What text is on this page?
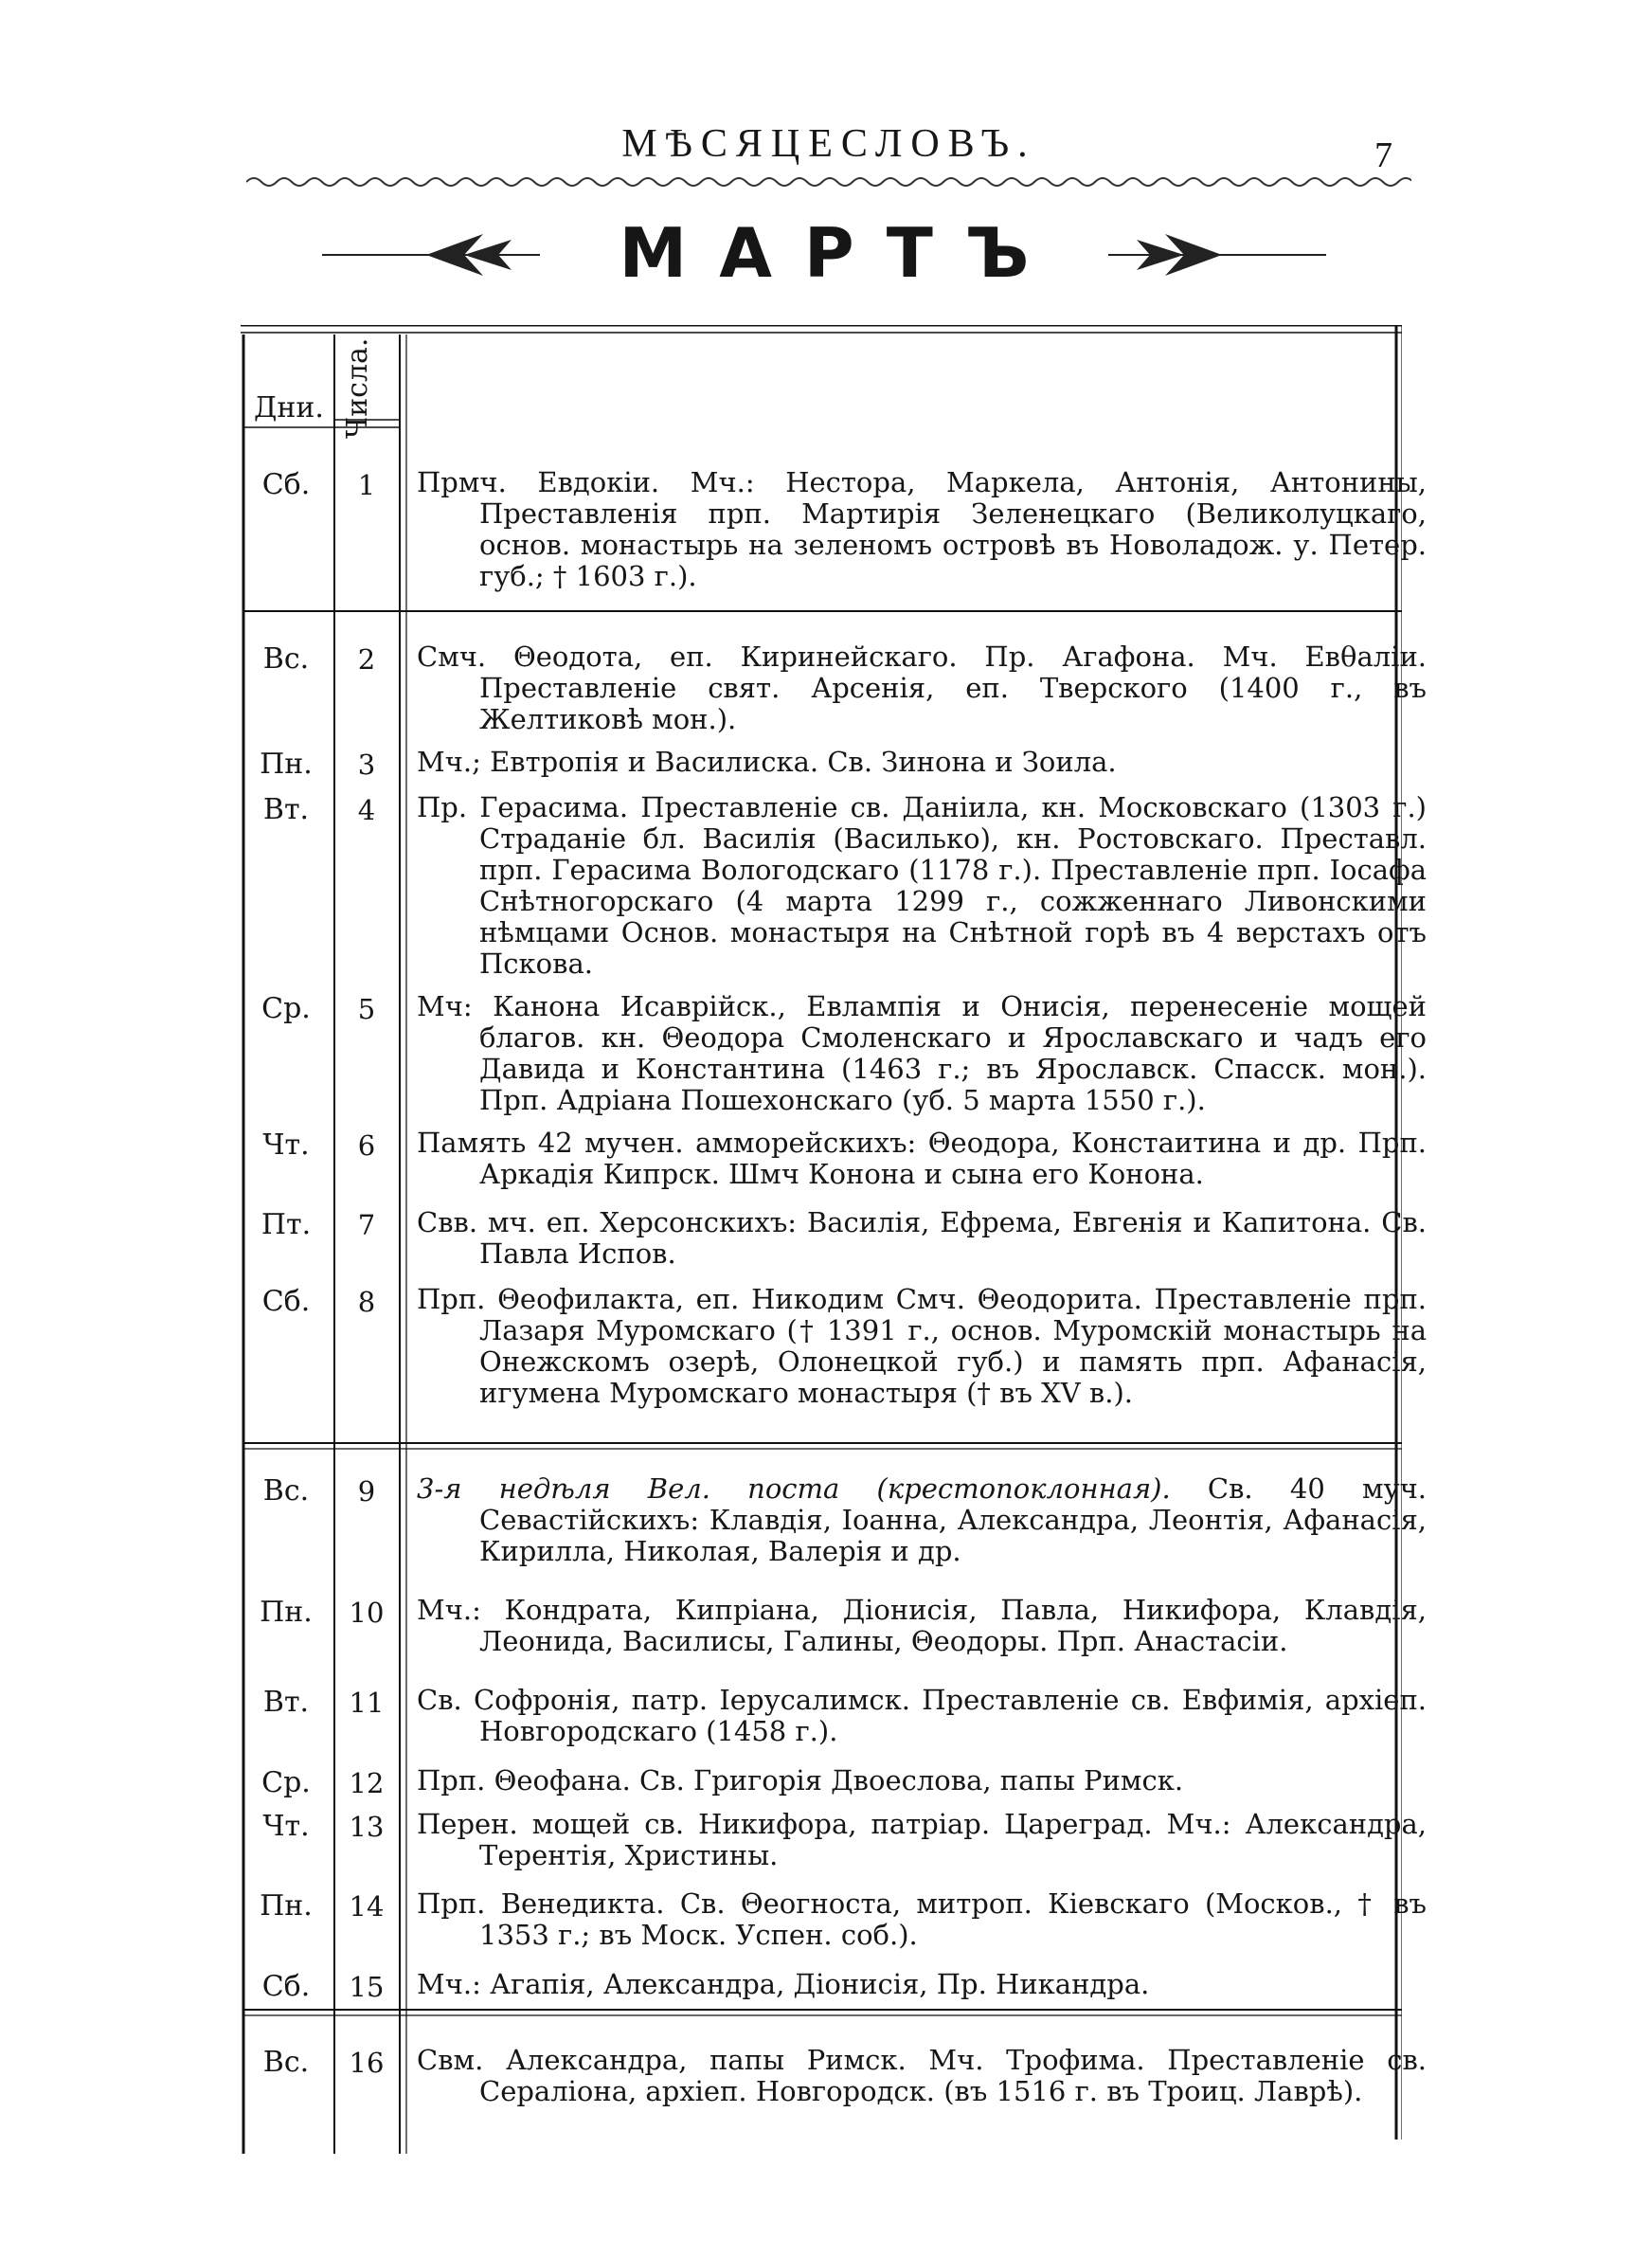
МѢСЯЦЕСЛОВЪ.	7
МАРТЪ
Дни. Числа.
Сб.	1	Прмч. Евдокіи. Мч.: Нестора, Маркела, Антонія, Антонины, Преставленія прп. Мартирія Зеленецкаго (Великолуцкаго, основ. монастырь на зеленомъ островѣ въ Новоладож. у. Петер. губ.; † 1603 г.).

Вс.	2	Смч. Θеодота, еп. Киринейскаго. Пр. Агафона. Мч. Евθаліи. Преставленіе свят. Арсенія, еп. Тверского (1400 г., въ Желтиковѣ мон.).

Пн.	3	Мч.; Евтропія и Василиска. Св. Зинона и Зоила.

Вт.	4	Пр. Герасима. Преставленіе св. Даніила, кн. Московскаго (1303 г.) Страданіе бл. Василія (Василько), кн. Ростовскаго. Преставл. прп. Герасима Вологодскаго (1178 г.). Преставленіе прп. Іосафа Снѣтногорскаго (4 марта 1299 г., сожженнаго Ливонскими нѣмцами Основ. монастыря на Снѣтной горѣ въ 4 верстахъ отъ Пскова.

Ср.	5	Мч: Канона Исаврійск., Евлампія и Онисія, перенесеніе мощей благов. кн. Θеодора Смоленскаго и Ярославскаго и чадъ его Давида и Константина (1463 г.; въ Ярославск. Спасск. мон.). Прп. Адріана Пошехонскаго (уб. 5 марта 1550 г.).

Чт.	6	Память 42 мучен. амморейскихъ: Θеодора, Констаитина и др. Прп. Аркадія Кипрск. Шмч Конона и сына его Конона.

Пт.	7	Свв. мч. еп. Херсонскихъ: Василія, Ефрема, Евгенія и Капитона. Св. Павла Испов.

Сб.	8	Прп. Θеофилакта, еп. Никодим Смч. Θеодорита. Преставленіе прп. Лазаря Муромскаго († 1391 г., основ. Муромскій монастырь на Онежскомъ озерѣ, Олонецкой губ.) и память прп. Афанасія, игумена Муромскаго монастыря († въ XV в.).

Вс.	9	3-я недѣля Вел. поста (крестопоклонная). Св. 40 муч. Севастійскихъ: Клавдія, Іоанна, Александра, Леонтія, Афанасія, Кирилла, Николая, Валерія и др.

Пн.	10	Мч.: Кондрата, Кипріана, Діонисія, Павла, Никифора, Клавдія, Леонида, Василисы, Галины, Θеодоры. Прп. Анастасіи.

Вт.	11	Св. Софронія, патр. Іерусалимск. Преставленіе св. Евфимія, архіеп. Новгородскаго (1458 г.).

Ср.	12	Прп. Θеофана. Св. Григорія Двоеслова, папы Римск.

Чт.	13	Перен. мощей св. Никифора, патріар. Цареград. Мч.: Александра, Терентія, Христины.

Пн.	14	Прп. Венедикта. Св. Θеогноста, митроп. Кіевскаго (Москов., † въ 1353 г.; въ Моск. Успен. соб.).

Сб.	15	Мч.: Агапія, Александра, Діонисія, Пр. Никандра.

Вс.	16	Свм. Александра, папы Римск. Мч. Трофима. Преставленіе св. Сераліона, архіеп. Новгородск. (въ 1516 г. въ Троиц. Лаврѣ).
